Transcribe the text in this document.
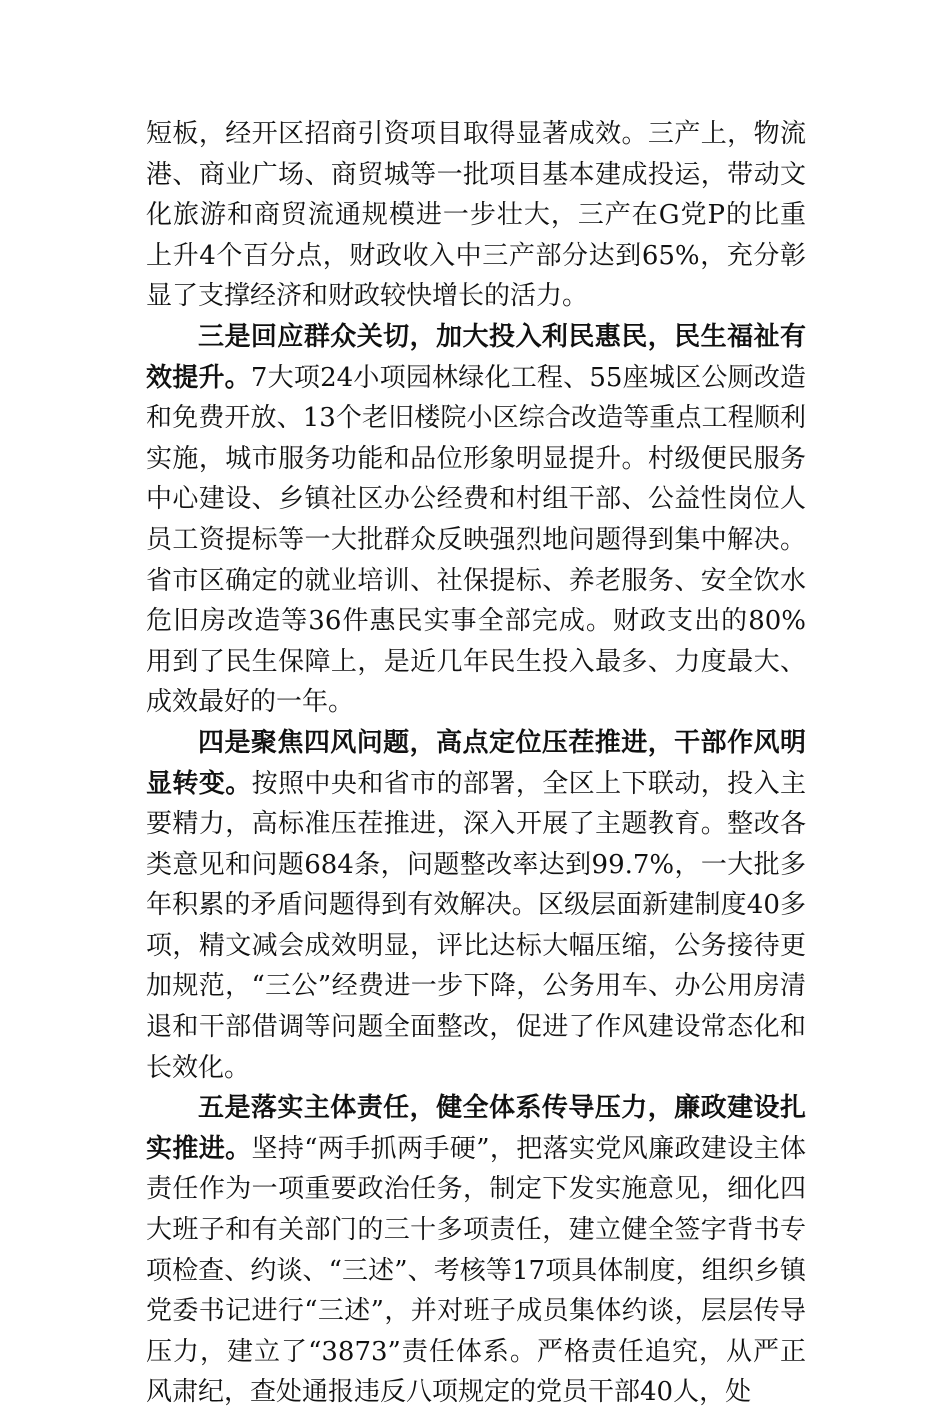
短板，经开区招商引资项目取得显著成效。三产上，物流港、商业广场、商贸城等一批项目基本建成投运，带动文化旅游和商贸流通规模进一步壮大，三产在G党P的比重上升4个百分点，财政收入中三产部分达到65%，充分彰显了支撑经济和财政较快增长的活力。

三是回应群众关切，加大投入利民惠民，民生福祉有效提升。7大项24小项园林绿化工程、55座城区公厕改造和免费开放、13个老旧楼院小区综合改造等重点工程顺利实施，城市服务功能和品位形象明显提升。村级便民服务中心建设、乡镇社区办公经费和村组干部、公益性岗位人员工资提标等一大批群众反映强烈地问题得到集中解决。省市区确定的就业培训、社保提标、养老服务、安全饮水危旧房改造等36件惠民实事全部完成。财政支出的80%用到了民生保障上，是近几年民生投入最多、力度最大、成效最好的一年。

四是聚焦四风问题，高点定位压茬推进，干部作风明显转变。按照中央和省市的部署，全区上下联动，投入主要精力，高标准压茬推进，深入开展了主题教育。整改各类意见和问题684条，问题整改率达到99.7%，一大批多年积累的矛盾问题得到有效解决。区级层面新建制度40多项，精文减会成效明显，评比达标大幅压缩，公务接待更加规范，“三公”经费进一步下降，公务用车、办公用房清退和干部借调等问题全面整改，促进了作风建设常态化和长效化。

五是落实主体责任，健全体系传导压力，廉政建设扎实推进。坚持“两手抓两手硬”，把落实党风廉政建设主体责任作为一项重要政治任务，制定下发实施意见，细化四大班子和有关部门的三十多项责任，建立健全签字背书专项检查、约谈、“三述”、考核等17项具体制度，组织乡镇党委书记进行“三述”，并对班子成员集体约谈，层层传导压力，建立了“3873”责任体系。严格责任追究，从严正风肃纪，查处通报违反八项规定的党员干部40人，处
